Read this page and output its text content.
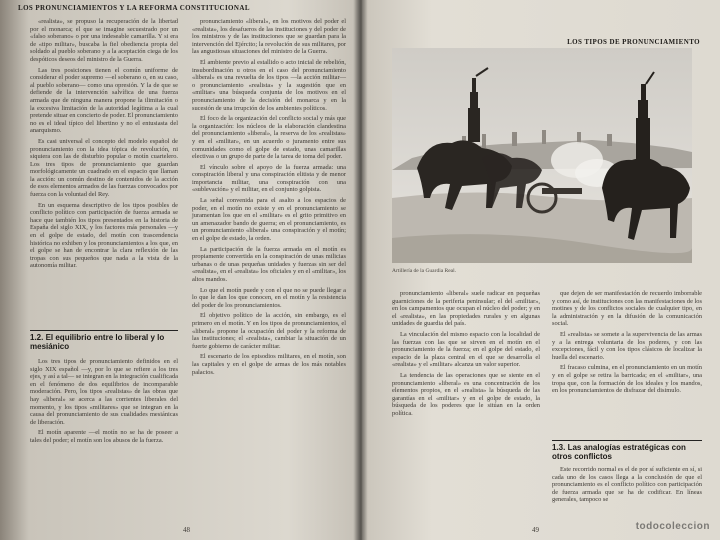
LOS PRONUNCIAMIENTOS Y LA REFORMA CONSTITUCIONAL

«realista», se propuso la recuperación de la libertad por el monarca; el que se imagine secuestrado por un «falso soberano» o por una indeseable camarilla. Y si era de «tipo militar», buscaba la fiel obediencia propia del soldado al pueblo soberano y a la aceptación ciega de los despóticos deseos del ministro de la Guerra.

Las tres posiciones tienen el común uniforme de considerar el poder supremo —el soberano o, en su caso, al pueblo soberano— como una opresión. Y la de que se defiende de la intervención salvífica de una fuerza armada que de ninguna manera propone la ilimitación o la excesiva limitación de la autoridad legítima a la cual pretende situar en concierto de poder. El pronunciamiento no es el ideal típico del libertino y no el entusiasta del anarquismo.

Es casi universal el concepto del modelo español de pronunciamiento con la idea tópica de revolución, ni siquiera con las de disturbio popular o motín cuartelero. Los tres tipos de pronunciamiento que guardan morfológicamente un cuadrado en el espacio que llaman la acción: un común destino de contenidos de la acción de esos elementos armados de las fuerzas convocados por fuerza con la voluntad del Rey.

En un esquema descriptivo de los tipos posibles de conflicto político con participación de fuerza armada se hace que también los tipos presentados en la historia de España del siglo XIX, y los factores más personales —y en el golpe de estado, del motín con trascendencia histórica no exhiben y los pronunciamientos a los que, en el golpe se han de encontrar la clara reflexión de las tropas con sus pequeños que nada a la vista de la autonomía militar.

1.2. El equilibrio entre lo liberal y lo mesiánico

Los tres tipos de pronunciamiento definidos en el siglo XIX español —y, por lo que se refiere a los tres ejes, y así a tal— se integran en la integración cualificada en el fenómeno de dos equilibrios de incomparable moderación. Pero, los tipos «realistas» de las obras que hay «liberal» se acerca a las corrientes liberales del momento, y los tipos «militares» que se integran en la causa del pronunciamiento de sus cualidades mesiánicas de liberación.

El motín aparente —el motín no se ha de poseer a tales del poder; el motín son los abusos de la fuerza.

pronunciamiento «liberal», en los motivos del poder el «realista», los desafueros de las instituciones y del poder de los ministros y de las instituciones que se guardan para la intervención del Ejército; la revolución de sus militares, por las angustiosas situaciones del ministro de la Guerra.

El ambiente previo al estallido o acto inicial de rebelión, insubordinación u otros en el caso del pronunciamiento «liberal» es una revuelta de los tipos —la acción militar— o pronunciamiento «realista» y la sugestión que en «militar» una búsqueda conjunta de los motivos en el pronunciamiento de la decisión del monarca y en la sucesión de una irrupción de los ambientes políticos.

El foco de la organización del conflicto social y más que la organización: los núcleos de la elaboración clandestina del pronunciamiento «liberal», la reserva de los «realistas» y en el «militar», en un acuerdo o juramento entre sus comunidades como el golpe de estado, unas camarillas electivas o un grupo de parte de la tarea de toma del poder.

El vínculo sobre el apoyo de la fuerza armada: una conspiración liberal y una conspiración elitista y de menor importancia militar, una conspiración con una «sublevación» y el militar, en el conjunto golpista.

La señal convenida para el asalto a los espacios de poder, en el motín no existe y en el pronunciamiento se juramentan los que en el «militar» es el grito primitivo en un amenazador bando de guerra; en el pronunciamiento, es un pronunciamiento «liberal» una conspiración y el motín; en el golpe de estado, la orden.

La participación de la fuerza armada en el motín es propiamente convertida en la conspiración de unas milicias urbanas o de unas pequeñas unidades y fuerzas sin ser del «realista», en el «realista» los oficiales y en el «militar», los altos mandos.

Lo que el motín puede y con el que no se puede llegar a lo que le dan los que conocen, en el motín y la resistencia del poder de los pronunciamientos.

El objetivo político de la acción, sin embargo, es el primero en el motín. Y en los tipos de pronunciamientos, el «liberal» propone la ocupación del poder y la reforma de las instituciones; el «realista», cambiar la situación de un fuerte gobierno de carácter militar.

El escenario de los episodios militares, en el motín, son las capitales y en el golpe de armas de los más notables palacios.

48
LOS TIPOS DE PRONUNCIAMIENTO
Artillería de la Guardia Real.

pronunciamiento «liberal» suele radicar en pequeñas guarniciones de la periferia peninsular; el del «militar», en los campamentos que ocupan el núcleo del poder; y en el «realista», en las propiedades rurales y en algunas unidades de guardia del país.

La vinculación del mismo espacio con la localidad de las fuerzas con las que se sirven en el motín en el pronunciamiento de la fuerza; en el golpe del estado, el espacio de la plaza central en el que se desarrolla el «realista» y el «militar» alcanza un valor superior.

La tendencia de las operaciones que se siente en el pronunciamiento «liberal» es una concentración de los elementos propios, en el «realista» la búsqueda de las garantías en el «militar» y en el golpe de estado, la búsqueda de los poderes que le sitúan en la orden política.

que dejen de ser manifestación de recuerdo imborrable y como así, de instituciones con las manifestaciones de los motines y de los conflictos sociales de cualquier tipo, en la administración y en la difusión de la comunicación social.

El «realista» se somete a la supervivencia de las armas y a la entrega voluntaria de los poderes, y con las excepciones, fácil y con los tipos clásicos de localizar la huella del escenario.

El fracaso culmina, en el pronunciamiento en un motín y en el golpe se retira la barricada; en el «militar», una tropa que, con la formación de los ideales y los mandos, en los pronunciamientos de disfrazar del disimulo.

1.3. Las analogías estratégicas con otros conflictos

Este recorrido normal es el de por sí suficiente en sí, si cada uno de los casos llega a la conclusión de que el pronunciamiento es el conflicto político con participación de fuerza armada que se ha de codificar. En líneas generales, tampoco se

49	todocoleccion
